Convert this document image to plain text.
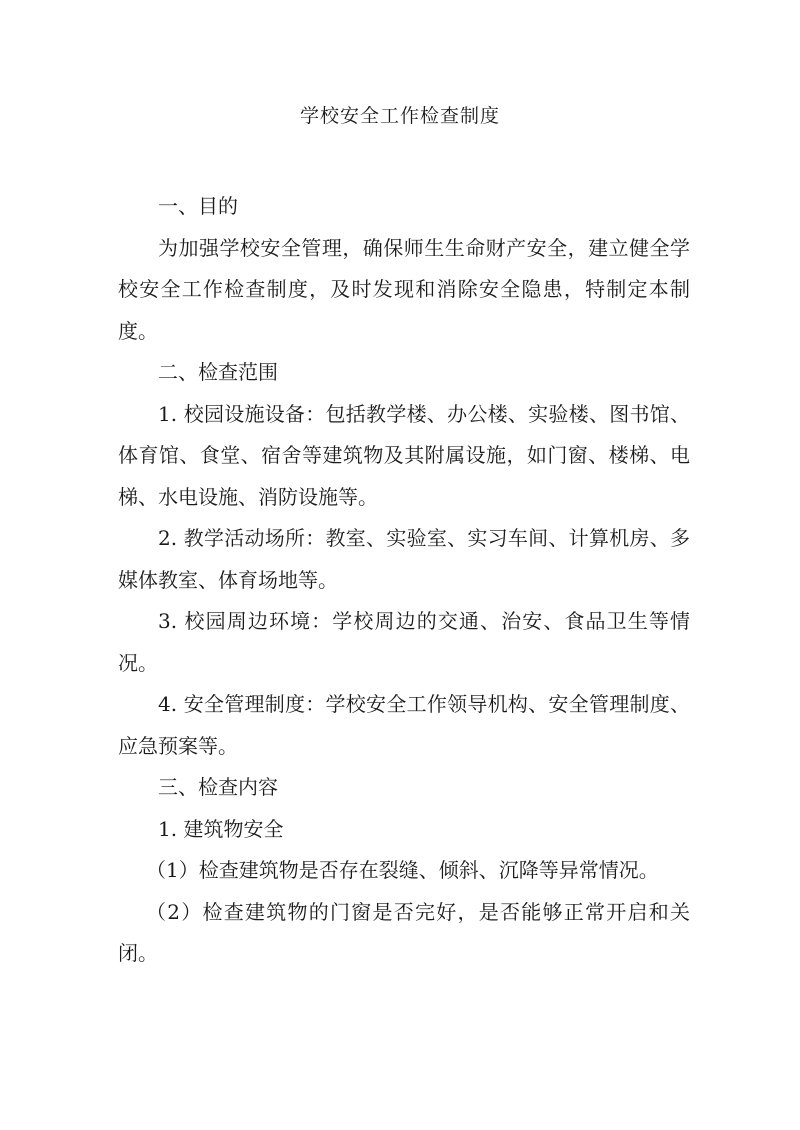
学校安全工作检查制度

一、目的

为加强学校安全管理，确保师生生命财产安全，建立健全学校安全工作检查制度，及时发现和消除安全隐患，特制定本制度。

二、检查范围

1. 校园设施设备：包括教学楼、办公楼、实验楼、图书馆、体育馆、食堂、宿舍等建筑物及其附属设施，如门窗、楼梯、电梯、水电设施、消防设施等。

2. 教学活动场所：教室、实验室、实习车间、计算机房、多媒体教室、体育场地等。

3. 校园周边环境：学校周边的交通、治安、食品卫生等情况。

4. 安全管理制度：学校安全工作领导机构、安全管理制度、应急预案等。

三、检查内容

1. 建筑物安全

（1）检查建筑物是否存在裂缝、倾斜、沉降等异常情况。

（2）检查建筑物的门窗是否完好，是否能够正常开启和关闭。
